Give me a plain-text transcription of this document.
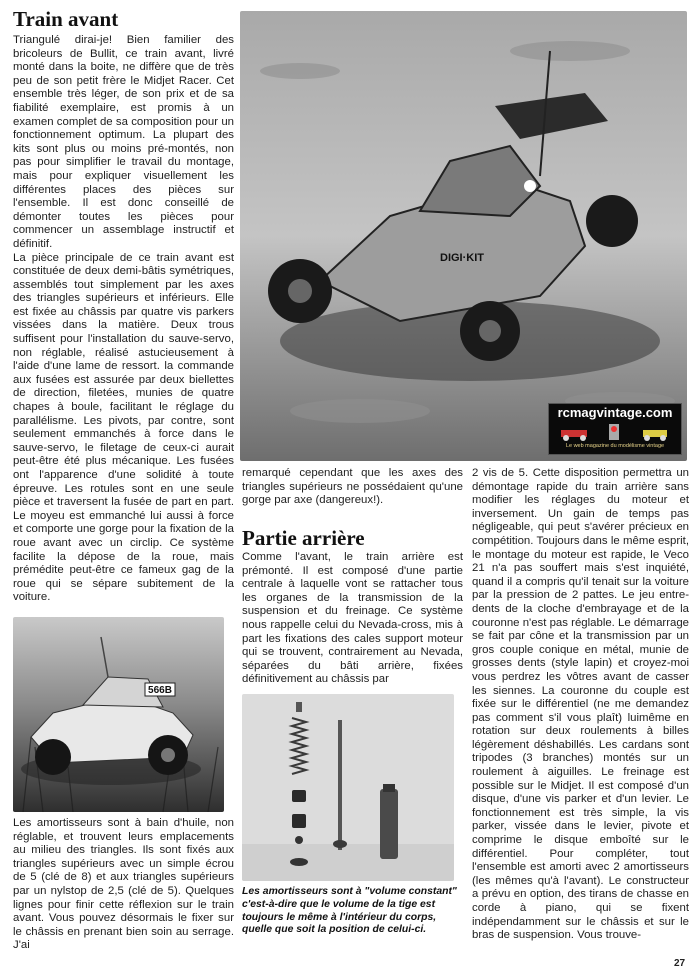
Train avant

Triangulé dirai-je! Bien familier des bricoleurs de Bullit, ce train avant, livré monté dans la boite, ne diffère que de très peu de son petit frère le Midjet Racer. Cet ensemble très léger, de son prix et de sa fiabilité exemplaire, est promis à un examen complet de sa composition pour un fonctionnement optimum. La plupart des kits sont plus ou moins pré-montés, non pas pour simplifier le travail du montage, mais pour expliquer visuellement les différentes places des pièces sur l'ensemble. Il est donc conseillé de démonter toutes les pièces pour commencer un assemblage instructif et définitif.

La pièce principale de ce train avant est constituée de deux demi-bâtis symétriques, assemblés tout simplement par les axes des triangles supérieurs et inférieurs. Elle est fixée au châssis par quatre vis parkers vissées dans la matière. Deux trous suffisent pour l'installation du sauve-servo, non réglable, réalisé astucieusement à l'aide d'une lame de ressort. la commande aux fusées est assurée par deux biellettes de direction, filetées, munies de quatre chapes à boule, facilitant le réglage du parallélisme. Les pivots, par contre, sont seulement emmanchés à force dans le sauve-servo, le filetage de ceux-ci aurait peut-être été plus mécanique. Les fusées ont l'apparence d'une solidité à toute épreuve. Les rotules sont en une seule pièce et traversent la fusée de part en part. Le moyeu est emmanché lui aussi à force et comporte une gorge pour la fixation de la roue avant avec un circlip. Ce système facilite la dépose de la roue, mais prémédite peut-être ce fameux gag de la roue qui se sépare subitement de la voiture.

566B
Les amortisseurs sont à bain d'huile, non réglable, et trouvent leurs emplacements au milieu des triangles. Ils sont fixés aux triangles supérieurs avec un simple écrou de 5 (clé de 8) et aux triangles supérieurs par un nylstop de 2,5 (clé de 5). Quelques lignes pour finir cette réflexion sur le train avant. Vous pouvez désormais le fixer sur le châssis en prenant bien soin au serrage. J'ai
DIGI·KIT
rcmagvintage.com
Le web magazine du modélisme vintage
remarqué cependant que les axes des triangles supérieurs ne possédaient qu'une gorge par axe (dangereux!).
Partie arrière
Comme l'avant, le train arrière est prémonté. Il est composé d'une partie centrale à laquelle vont se rattacher tous les organes de la transmission de la suspension et du freinage. Ce système nous rappelle celui du Nevada-cross, mis à part les fixations des cales support moteur qui se trouvent, contrairement au Nevada, séparées du bâti arrière, fixées définitivement au châssis par
Les amortisseurs sont à "volume constant" c'est-à-dire que le volume de la tige est toujours le même à l'intérieur du corps, quelle que soit la position de celui-ci.
2 vis de 5. Cette disposition permettra un démontage rapide du train arrière sans modifier les réglages du moteur et inversement. Un gain de temps pas négligeable, qui peut s'avérer précieux en compétition. Toujours dans le même esprit, le montage du moteur est rapide, le Veco 21 n'a pas souffert mais s'est inquiété, quand il a compris qu'il tenait sur la voiture par la pression de 2 pattes. Le jeu entre-dents de la cloche d'embrayage et de la couronne n'est pas réglable. Le démarrage se fait par cône et la transmission par un gros couple conique en métal, munie de grosses dents (style lapin) et croyez-moi vous perdrez les vôtres avant de casser les siennes. La couronne du couple est fixée sur le différentiel (ne me demandez pas comment s'il vous plaît) luimême en rotation sur deux roulements à billes légèrement déshabillés. Les cardans sont tripodes (3 branches) montés sur un roulement à aiguilles. Le freinage est possible sur le Midjet. Il est composé d'un disque, d'une vis parker et d'un levier. Le fonctionnement est très simple, la vis parker, vissée dans le levier, pivote et comprime le disque emboîté sur le différentiel. Pour compléter, tout l'ensemble est amorti avec 2 amortisseurs (les mêmes qu'à l'avant). Le constructeur a prévu en option, des tirans de chasse en corde à piano, qui se fixent indépendamment sur le châssis et sur le bras de suspension. Vous trouve-
27
